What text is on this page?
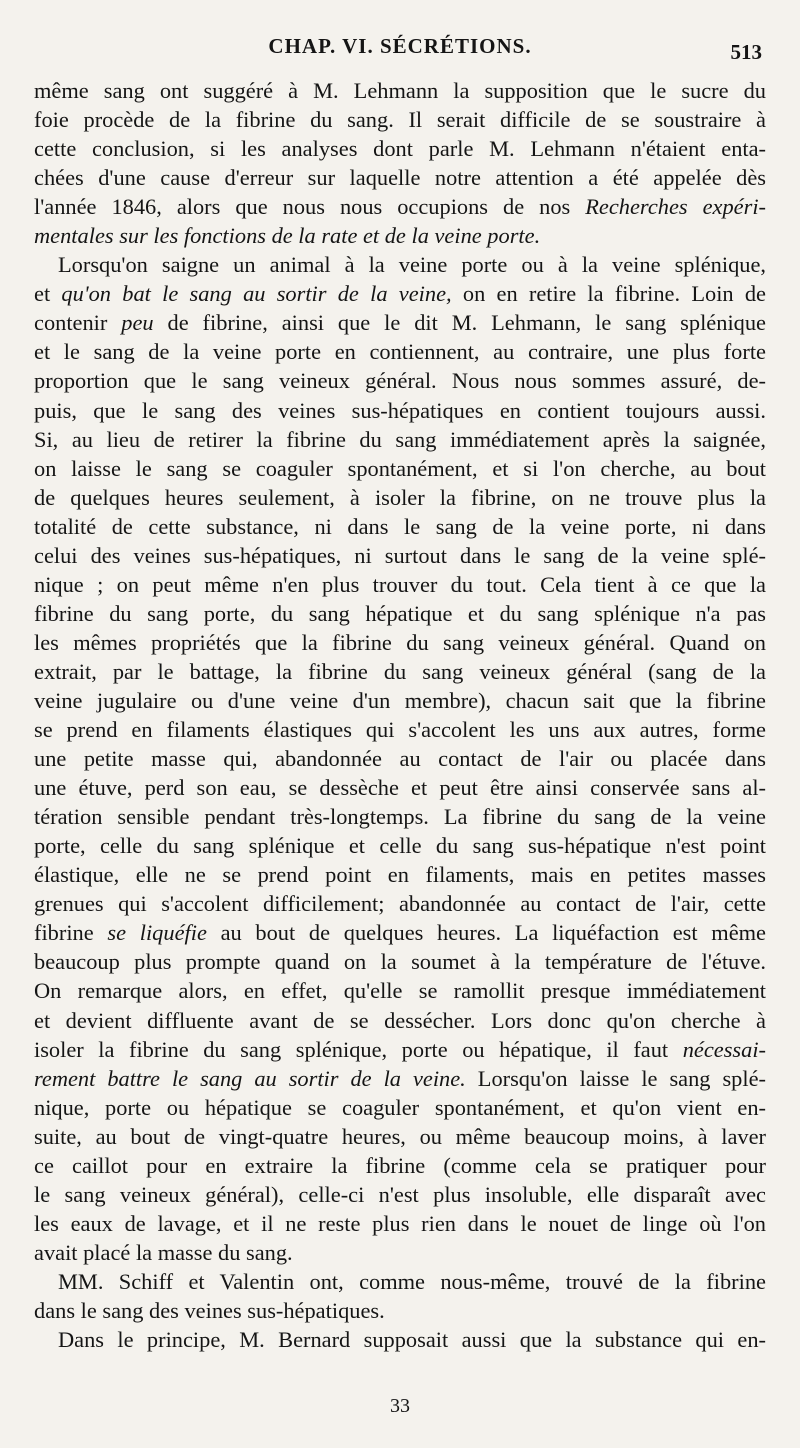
CHAP. VI. SÉCRÉTIONS.	513
même sang ont suggéré à M. Lehmann la supposition que le sucre du
foie procède de la fibrine du sang. Il serait difficile de se soustraire à
cette conclusion, si les analyses dont parle M. Lehmann n'étaient enta-
chées d'une cause d'erreur sur laquelle notre attention a été appelée dès
l'année 1846, alors que nous nous occupions de nos Recherches expéri-
mentales sur les fonctions de la rate et de la veine porte.
Lorsqu'on saigne un animal à la veine porte ou à la veine splénique,
et qu'on bat le sang au sortir de la veine, on en retire la fibrine. Loin de
contenir peu de fibrine, ainsi que le dit M. Lehmann, le sang splénique
et le sang de la veine porte en contiennent, au contraire, une plus forte
proportion que le sang veineux général. Nous nous sommes assuré, de-
puis, que le sang des veines sus-hépatiques en contient toujours aussi.
Si, au lieu de retirer la fibrine du sang immédiatement après la saignée,
on laisse le sang se coaguler spontanément, et si l'on cherche, au bout
de quelques heures seulement, à isoler la fibrine, on ne trouve plus la
totalité de cette substance, ni dans le sang de la veine porte, ni dans
celui des veines sus-hépatiques, ni surtout dans le sang de la veine splé-
nique ; on peut même n'en plus trouver du tout. Cela tient à ce que la
fibrine du sang porte, du sang hépatique et du sang splénique n'a pas
les mêmes propriétés que la fibrine du sang veineux général. Quand on
extrait, par le battage, la fibrine du sang veineux général (sang de la
veine jugulaire ou d'une veine d'un membre), chacun sait que la fibrine
se prend en filaments élastiques qui s'accolent les uns aux autres, forme
une petite masse qui, abandonnée au contact de l'air ou placée dans
une étuve, perd son eau, se dessèche et peut être ainsi conservée sans al-
tération sensible pendant très-longtemps. La fibrine du sang de la veine
porte, celle du sang splénique et celle du sang sus-hépatique n'est point
élastique, elle ne se prend point en filaments, mais en petites masses
grenues qui s'accolent difficilement; abandonnée au contact de l'air, cette
fibrine se liquéfie au bout de quelques heures. La liquéfaction est même
beaucoup plus prompte quand on la soumet à la température de l'étuve.
On remarque alors, en effet, qu'elle se ramollit presque immédiatement
et devient diffluente avant de se dessécher. Lors donc qu'on cherche à
isoler la fibrine du sang splénique, porte ou hépatique, il faut nécessai-
rement battre le sang au sortir de la veine. Lorsqu'on laisse le sang splé-
nique, porte ou hépatique se coaguler spontanément, et qu'on vient en-
suite, au bout de vingt-quatre heures, ou même beaucoup moins, à laver
ce caillot pour en extraire la fibrine (comme cela se pratiquer pour
le sang veineux général), celle-ci n'est plus insoluble, elle disparaît avec
les eaux de lavage, et il ne reste plus rien dans le nouet de linge où l'on
avait placé la masse du sang.
MM. Schiff et Valentin ont, comme nous-même, trouvé de la fibrine
dans le sang des veines sus-hépatiques.
Dans le principe, M. Bernard supposait aussi que la substance qui en-
33
